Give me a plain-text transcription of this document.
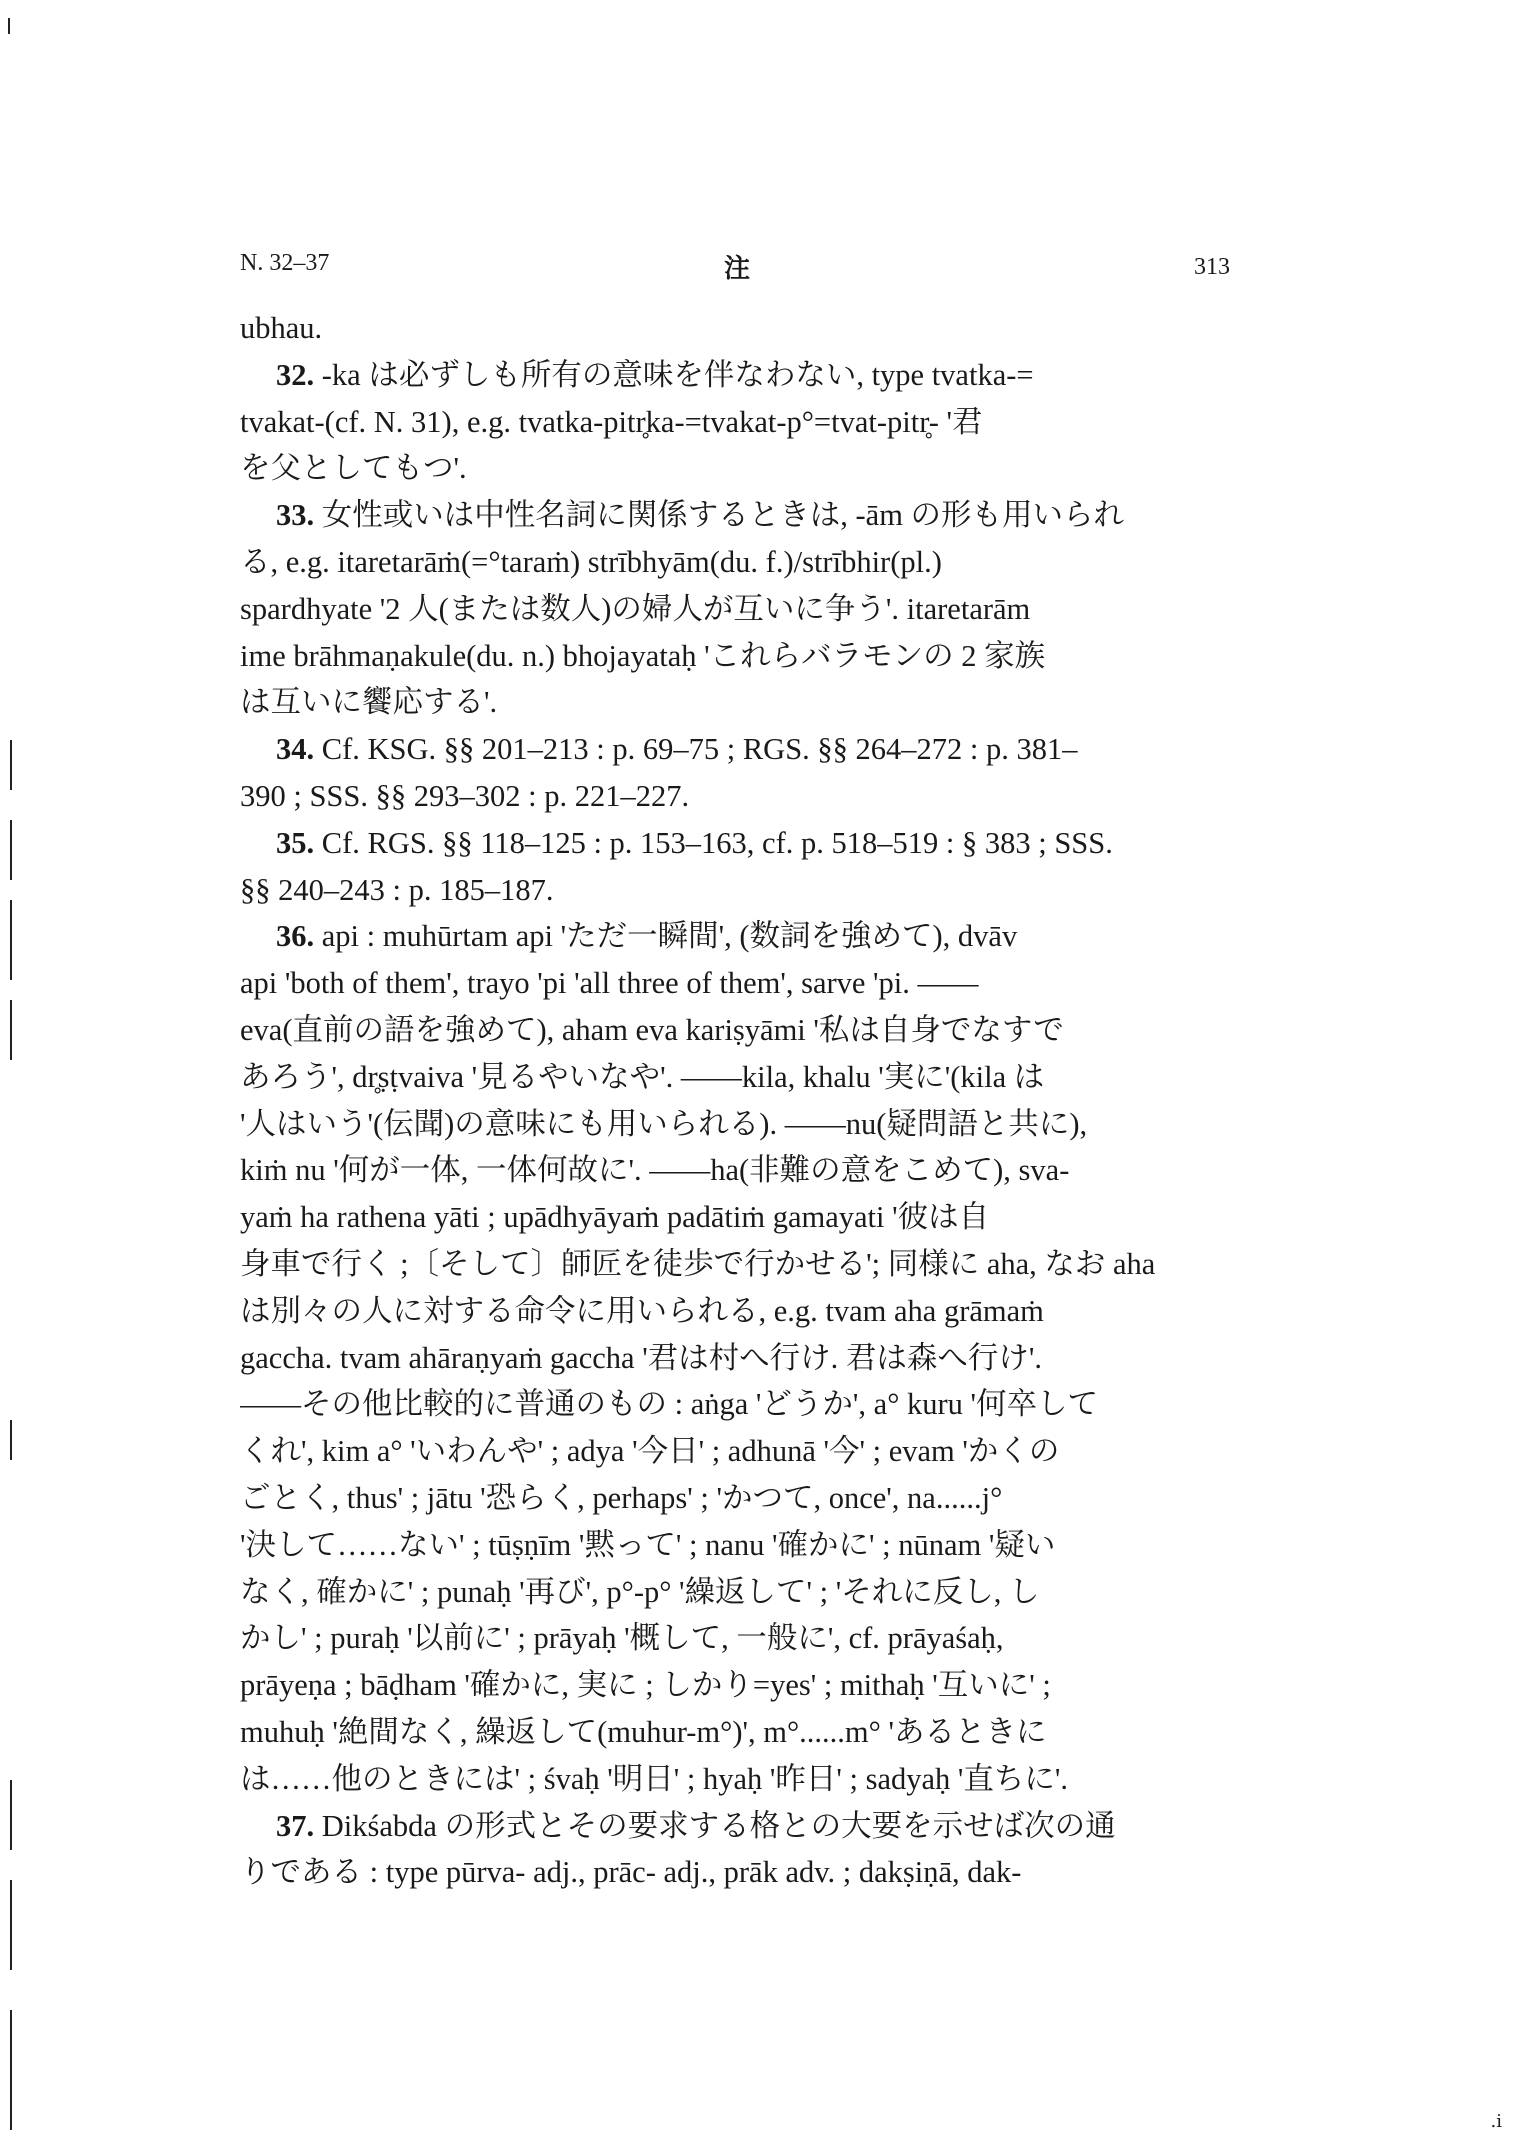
N. 32–37	注	313
ubhau.
32. -ka は必ずしも所有の意味を伴なわない, type tvatka-=
tvakat-(cf. N. 31), e.g. tvatka-pitr̥ka-=tvakat-p°=tvat-pitr̥- '君
を父としてもつ'.
33. 女性或いは中性名詞に関係するときは, -ām の形も用いられ
る, e.g. itaretarāṁ(=°taraṁ) strībhyām(du. f.)/strībhir(pl.)
spardhyate '2 人(または数人)の婦人が互いに争う'. itaretarām
ime brāhmaṇakule(du. n.) bhojayataḥ 'これらバラモンの 2 家族
は互いに饗応する'.
34. Cf. KSG. §§ 201–213 : p. 69–75 ; RGS. §§ 264–272 : p. 381–
390 ; SSS. §§ 293–302 : p. 221–227.
35. Cf. RGS. §§ 118–125 : p. 153–163, cf. p. 518–519 : § 383 ; SSS.
§§ 240–243 : p. 185–187.
36. api : muhūrtam api 'ただ一瞬間', (数詞を強めて), dvāv
api 'both of them', trayo 'pi 'all three of them', sarve 'pi. ——
eva(直前の語を強めて), aham eva kariṣyāmi '私は自身でなすで
あろう', dr̥ṣṭvaiva '見るやいなや'. ——kila, khalu '実に'(kila は
'人はいう'(伝聞)の意味にも用いられる). ——nu(疑問語と共に),
kiṁ nu '何が一体, 一体何故に'. ——ha(非難の意をこめて), sva-
yaṁ ha rathena yāti ; upādhyāyaṁ padātiṁ gamayati '彼は自
身車で行く ;〔そして〕師匠を徒歩で行かせる'; 同様に aha, なお aha
は別々の人に対する命令に用いられる, e.g. tvam aha grāmaṁ
gaccha. tvam ahāraṇyaṁ gaccha '君は村へ行け. 君は森へ行け'.
——その他比較的に普通のもの : aṅga 'どうか', a° kuru '何卒して
くれ', kim a° 'いわんや' ; adya '今日' ; adhunā '今' ; evam 'かくの
ごとく, thus' ; jātu '恐らく, perhaps' ; 'かつて, once', na......j°
'決して……ない' ; tūṣṇīm '黙って' ; nanu '確かに' ; nūnam '疑い
なく, 確かに' ; punaḥ '再び', p°-p° '繰返して' ; 'それに反し, し
かし' ; puraḥ '以前に' ; prāyaḥ '概して, 一般に', cf. prāyaśaḥ,
prāyeṇa ; bāḍham '確かに, 実に ; しかり=yes' ; mithaḥ '互いに' ;
muhuḥ '絶間なく, 繰返して(muhur-m°)', m°......m° 'あるときに
は……他のときには' ; śvaḥ '明日' ; hyaḥ '昨日' ; sadyaḥ '直ちに'.
37. Dikśabda の形式とその要求する格との大要を示せば次の通
りである : type pūrva- adj., prāc- adj., prāk adv. ; dakṣiṇā, dak-
.i
